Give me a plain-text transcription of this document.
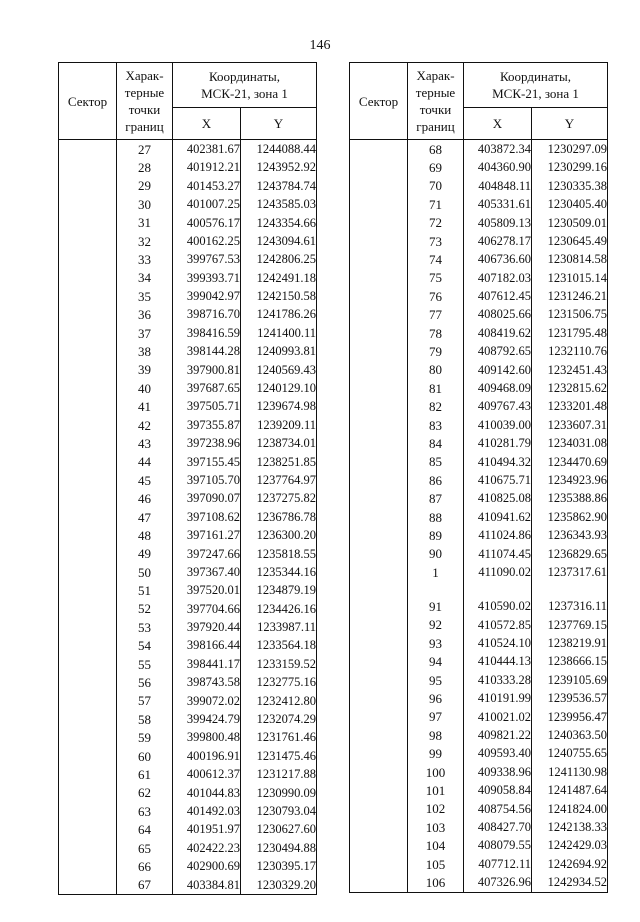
146
Сектор	Харак-
терные
точки
границ	Координаты,
МСК-21, зона 1	
		X	Y
	27	402381.67	1244088.44
	28	401912.21	1243952.92
	29	401453.27	1243784.74
	30	401007.25	1243585.03
	31	400576.17	1243354.66
	32	400162.25	1243094.61
	33	399767.53	1242806.25
	34	399393.71	1242491.18
	35	399042.97	1242150.58
	36	398716.70	1241786.26
	37	398416.59	1241400.11
	38	398144.28	1240993.81
	39	397900.81	1240569.43
	40	397687.65	1240129.10
	41	397505.71	1239674.98
	42	397355.87	1239209.11
	43	397238.96	1238734.01
	44	397155.45	1238251.85
	45	397105.70	1237764.97
	46	397090.07	1237275.82
	47	397108.62	1236786.78
	48	397161.27	1236300.20
	49	397247.66	1235818.55
	50	397367.40	1235344.16
	51	397520.01	1234879.19
	52	397704.66	1234426.16
	53	397920.44	1233987.11
	54	398166.44	1233564.18
	55	398441.17	1233159.52
	56	398743.58	1232775.16
	57	399072.02	1232412.80
	58	399424.79	1232074.29
	59	399800.48	1231761.46
	60	400196.91	1231475.46
	61	400612.37	1231217.88
	62	401044.83	1230990.09
	63	401492.03	1230793.04
	64	401951.97	1230627.60
	65	402422.23	1230494.88
	66	402900.69	1230395.17
	67	403384.81	1230329.20
Сектор	Харак-
терные
точки
границ	Координаты,
МСК-21, зона 1	
		X	Y
	68	403872.34	1230297.09
	69	404360.90	1230299.16
	70	404848.11	1230335.38
	71	405331.61	1230405.40
	72	405809.13	1230509.01
	73	406278.17	1230645.49
	74	406736.60	1230814.58
	75	407182.03	1231015.14
	76	407612.45	1231246.21
	77	408025.66	1231506.75
	78	408419.62	1231795.48
	79	408792.65	1232110.76
	80	409142.60	1232451.43
	81	409468.09	1232815.62
	82	409767.43	1233201.48
	83	410039.00	1233607.31
	84	410281.79	1234031.08
	85	410494.32	1234470.69
	86	410675.71	1234923.96
	87	410825.08	1235388.86
	88	410941.62	1235862.90
	89	411024.86	1236343.93
	90	411074.45	1236829.65
	1	411090.02	1237317.61

	91	410590.02	1237316.11
	92	410572.85	1237769.15
	93	410524.10	1238219.91
	94	410444.13	1238666.15
	95	410333.28	1239105.69
	96	410191.99	1239536.57
	97	410021.02	1239956.47
	98	409821.22	1240363.50
	99	409593.40	1240755.65
	100	409338.96	1241130.98
	101	409058.84	1241487.64
	102	408754.56	1241824.00
	103	408427.70	1242138.33
	104	408079.55	1242429.03
	105	407712.11	1242694.92
	106	407326.96	1242934.52
